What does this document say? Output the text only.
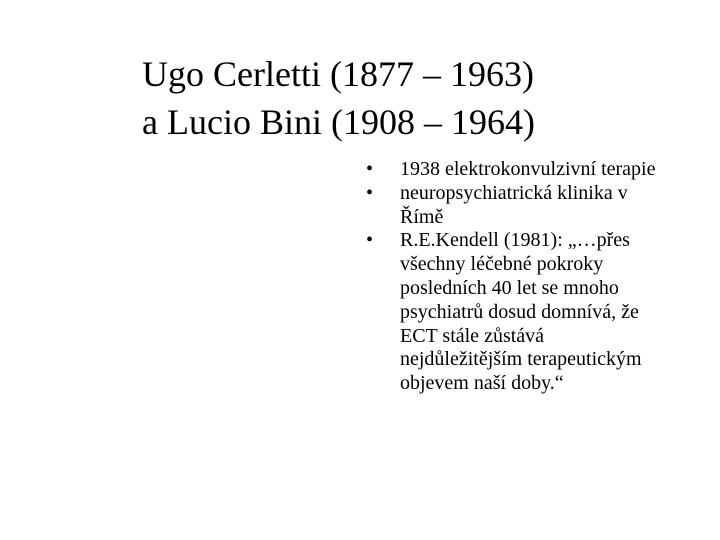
Ugo Cerletti (1877 – 1963)
a Lucio Bini (1908 – 1964)
• 1938 elektrokonvulzivní terapie
• neuropsychiatrická klinika v Římě
• R.E.Kendell (1981): „…přes všechny léčebné pokroky posledních 40 let se mnoho psychiatrů dosud domnívá, že ECT stále zůstává nejdůležitějším terapeutickým objevem naší doby.“
